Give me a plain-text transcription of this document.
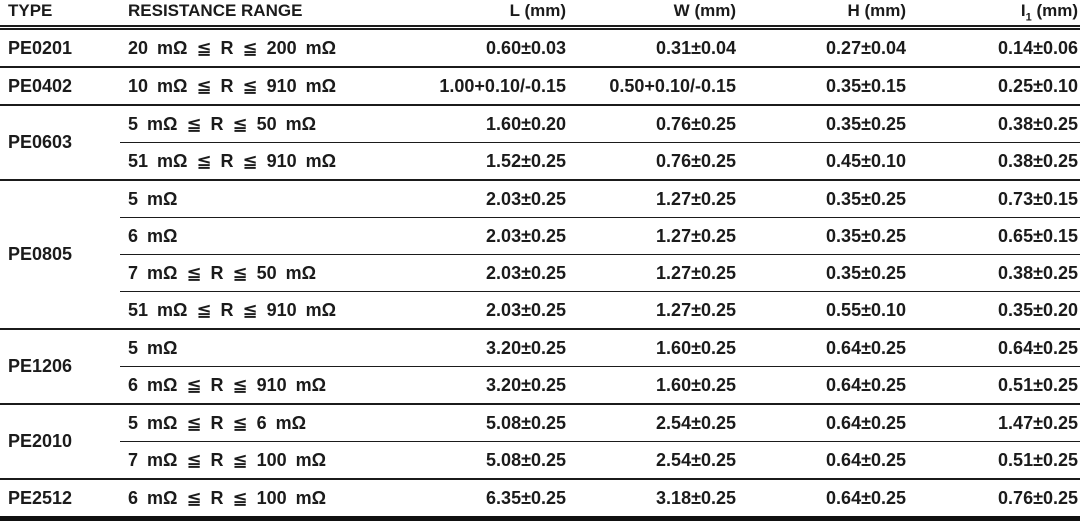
TYPE	RESISTANCE RANGE	L (mm)	W (mm)	H (mm)	$I_1$ (mm)
PE0201	20 mΩ ≦ R ≦ 200 mΩ	0.60±0.03	0.31±0.04	0.27±0.04	0.14±0.06
PE0402	10 mΩ ≦ R ≦ 910 mΩ	1.00+0.10/-0.15	0.50+0.10/-0.15	0.35±0.15	0.25±0.10
PE0603	5 mΩ ≦ R ≦ 50 mΩ	1.60±0.20	0.76±0.25	0.35±0.25	0.38±0.25
	51 mΩ ≦ R ≦ 910 mΩ	1.52±0.25	0.76±0.25	0.45±0.10	0.38±0.25
PE0805	5 mΩ	2.03±0.25	1.27±0.25	0.35±0.25	0.73±0.15
	6 mΩ	2.03±0.25	1.27±0.25	0.35±0.25	0.65±0.15
	7 mΩ ≦ R ≦ 50 mΩ	2.03±0.25	1.27±0.25	0.35±0.25	0.38±0.25
	51 mΩ ≦ R ≦ 910 mΩ	2.03±0.25	1.27±0.25	0.55±0.10	0.35±0.20
PE1206	5 mΩ	3.20±0.25	1.60±0.25	0.64±0.25	0.64±0.25
	6 mΩ ≦ R ≦ 910 mΩ	3.20±0.25	1.60±0.25	0.64±0.25	0.51±0.25
PE2010	5 mΩ ≦ R ≦ 6 mΩ	5.08±0.25	2.54±0.25	0.64±0.25	1.47±0.25
	7 mΩ ≦ R ≦ 100 mΩ	5.08±0.25	2.54±0.25	0.64±0.25	0.51±0.25
PE2512	6 mΩ ≦ R ≦ 100 mΩ	6.35±0.25	3.18±0.25	0.64±0.25	0.76±0.25
